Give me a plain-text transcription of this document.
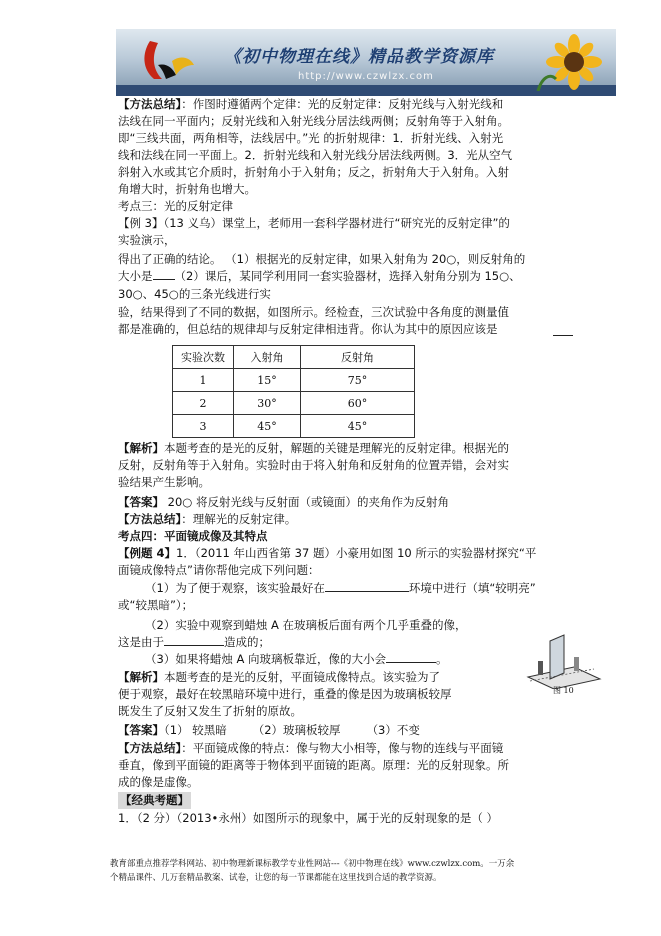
《初中物理在线》精品教学资源库
http://www.czwlzx.com
【方法总结】：作图时遵循两个定律：光的反射定律：反射光线与入射光线和
法线在同一平面内；反射光线和入射光线分居法线两侧；反射角等于入射角。
即“三线共面，两角相等，法线居中。”光 的折射规律：1．折射光线、入射光
线和法线在同一平面上。2．折射光线和入射光线分居法线两侧。3．光从空气
斜射入水或其它介质时，折射角小于入射角；反之，折射角大于入射角。入射
角增大时，折射角也增大。
考点三：光的反射定律
【例 3】（13 义乌）课堂上，老师用一套科学器材进行“研究光的反射定律”的
实验演示，
得出了正确的结论。 （1）根据光的反射定律，如果入射角为 20○，则反射角的
大小是 （2）课后，某同学利用同一套实验器材，选择入射角分别为 15○、
30○、45○的三条光线进行实
验，结果得到了不同的数据，如图所示。经检查，三次试验中各角度的测量值
都是准确的，但总结的规律却与反射定律相违背。你认为其中的原因应该是
实验次数	入射角	反射角
1	15°	75°
2	30°	60°
3	45°	45°
【解析】本题考查的是光的反射，解题的关键是理解光的反射定律。根据光的
反射，反射角等于入射角。实验时由于将入射角和反射角的位置弄错，会对实
验结果产生影响。
【答案】 20○ 将反射光线与反射面（或镜面）的夹角作为反射角
【方法总结】：理解光的反射定律。
考点四：平面镜成像及其特点
【例题 4】1．（2011 年山西省第 37 题）小豪用如图 10 所示的实验器材探究“平
面镜成像特点”请你帮他完成下列问题：
（1）为了便于观察，该实验最好在	环境中进行（填“较明亮”
或“较黑暗”）；
（2）实验中观察到蜡烛 A 在玻璃板后面有两个几乎重叠的像，
这是由于	造成的；
（3）如果将蜡烛 A 向玻璃板靠近，像的大小会	。
图 10
【解析】本题考查的是光的反射，平面镜成像特点。该实验为了
便于观察，最好在较黑暗环境中进行，重叠的像是因为玻璃板较厚
既发生了反射又发生了折射的原故。
【答案】（1） 较黑暗 （2）玻璃板较厚 （3）不变
【方法总结】：平面镜成像的特点：像与物大小相等，像与物的连线与平面镜
垂直，像到平面镜的距离等于物体到平面镜的距离。原理：光的反射现象。所
成的像是虚像。
【经典考题】
1．（2 分）（2013•永州）如图所示的现象中，属于光的反射现象的是（ ）
教育部重点推荐学科网站、初中物理新课标教学专业性网站---《初中物理在线》www.czwlzx.com。一万余
个精品课件、几万套精品教案、试卷，让您的每一节课都能在这里找到合适的教学资源。
